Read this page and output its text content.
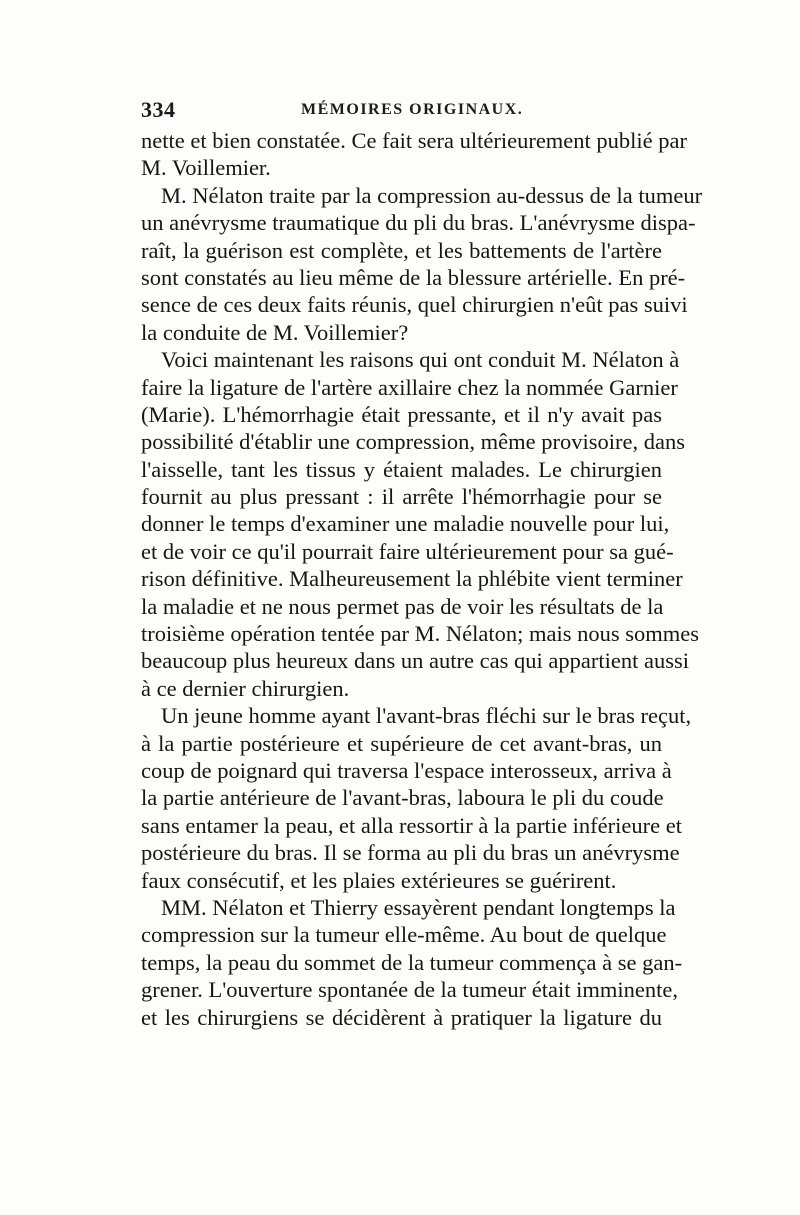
334	MÉMOIRES ORIGINAUX.
nette et bien constatée. Ce fait sera ultérieurement publié par
M. Voillemier.
M. Nélaton traite par la compression au-dessus de la tumeur
un anévrysme traumatique du pli du bras. L'anévrysme dispa-
raît, la guérison est complète, et les battements de l'artère
sont constatés au lieu même de la blessure artérielle. En pré-
sence de ces deux faits réunis, quel chirurgien n'eût pas suivi
la conduite de M. Voillemier?
Voici maintenant les raisons qui ont conduit M. Nélaton à
faire la ligature de l'artère axillaire chez la nommée Garnier
(Marie). L'hémorrhagie était pressante, et il n'y avait pas
possibilité d'établir une compression, même provisoire, dans
l'aisselle, tant les tissus y étaient malades. Le chirurgien
fournit au plus pressant : il arrête l'hémorrhagie pour se
donner le temps d'examiner une maladie nouvelle pour lui,
et de voir ce qu'il pourrait faire ultérieurement pour sa gué-
rison définitive. Malheureusement la phlébite vient terminer
la maladie et ne nous permet pas de voir les résultats de la
troisième opération tentée par M. Nélaton; mais nous sommes
beaucoup plus heureux dans un autre cas qui appartient aussi
à ce dernier chirurgien.
Un jeune homme ayant l'avant-bras fléchi sur le bras reçut,
à la partie postérieure et supérieure de cet avant-bras, un
coup de poignard qui traversa l'espace interosseux, arriva à
la partie antérieure de l'avant-bras, laboura le pli du coude
sans entamer la peau, et alla ressortir à la partie inférieure et
postérieure du bras. Il se forma au pli du bras un anévrysme
faux consécutif, et les plaies extérieures se guérirent.
MM. Nélaton et Thierry essayèrent pendant longtemps la
compression sur la tumeur elle-même. Au bout de quelque
temps, la peau du sommet de la tumeur commença à se gan-
grener. L'ouverture spontanée de la tumeur était imminente,
et les chirurgiens se décidèrent à pratiquer la ligature du
